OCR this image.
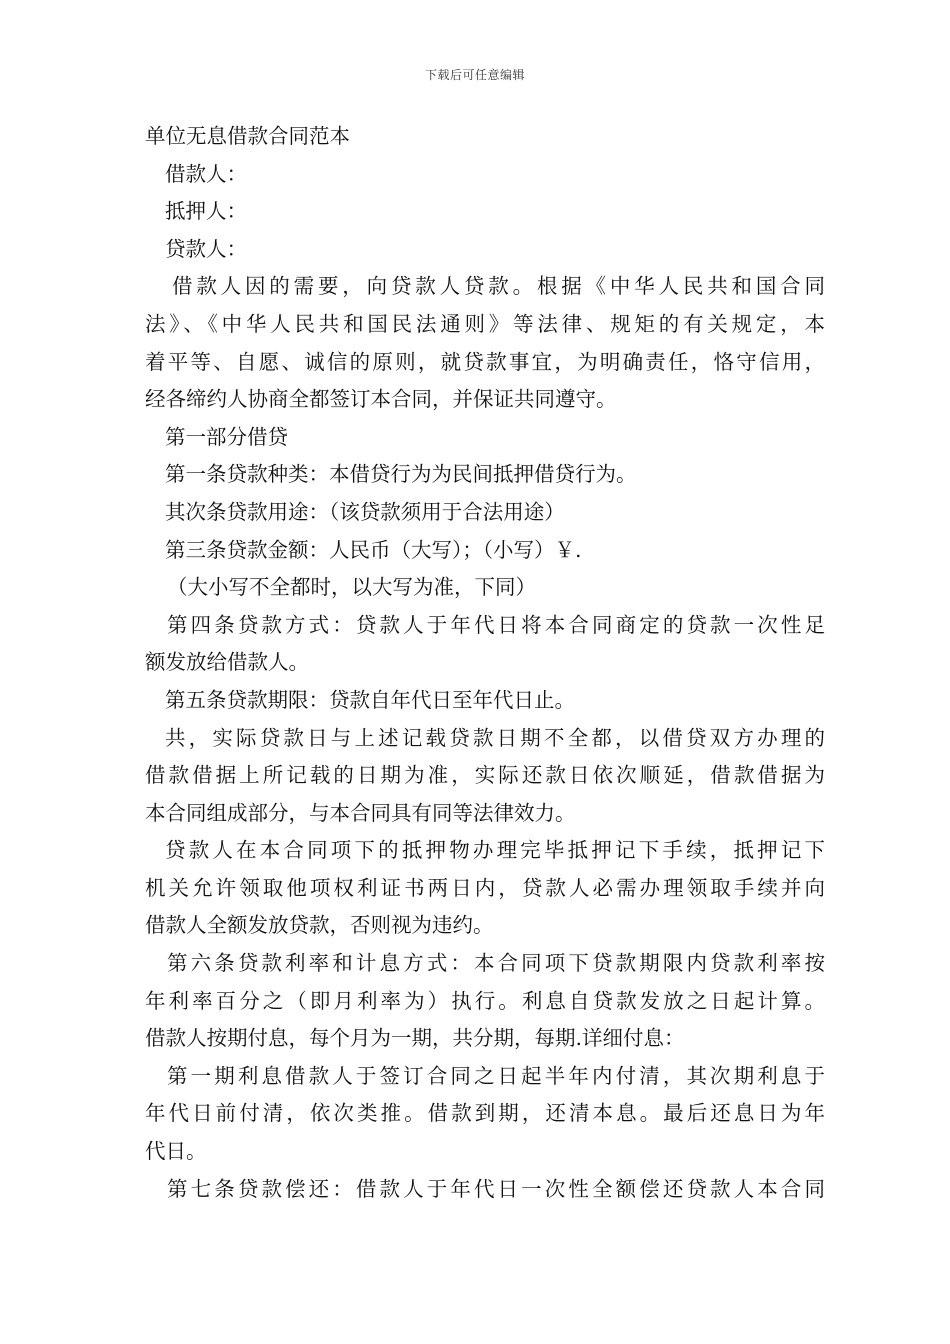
下载后可任意编辑
单位无息借款合同范本
借款人：
抵押人：
贷款人：
借款人因的需要，向贷款人贷款。根据《中华人民共和国合同
法》、《中华人民共和国民法通则》等法律、规矩的有关规定，本
着平等、自愿、诚信的原则，就贷款事宜，为明确责任，恪守信用，
经各缔约人协商全都签订本合同，并保证共同遵守。
第一部分借贷
第一条贷款种类：本借贷行为为民间抵押借贷行为。
其次条贷款用途：（该贷款须用于合法用途）
第三条贷款金额：人民币（大写）；（小写）￥.
（大小写不全都时，以大写为准，下同）
第四条贷款方式：贷款人于年代日将本合同商定的贷款一次性足
额发放给借款人。
第五条贷款期限：贷款自年代日至年代日止。
共，实际贷款日与上述记载贷款日期不全都，以借贷双方办理的
借款借据上所记载的日期为准，实际还款日依次顺延，借款借据为
本合同组成部分，与本合同具有同等法律效力。
贷款人在本合同项下的抵押物办理完毕抵押记下手续，抵押记下
机关允许领取他项权利证书两日内，贷款人必需办理领取手续并向
借款人全额发放贷款，否则视为违约。
第六条贷款利率和计息方式：本合同项下贷款期限内贷款利率按
年利率百分之（即月利率为）执行。利息自贷款发放之日起计算。
借款人按期付息，每个月为一期，共分期，每期.详细付息：
第一期利息借款人于签订合同之日起半年内付清，其次期利息于
年代日前付清，依次类推。借款到期，还清本息。最后还息日为年
代日。
第七条贷款偿还：借款人于年代日一次性全额偿还贷款人本合同
